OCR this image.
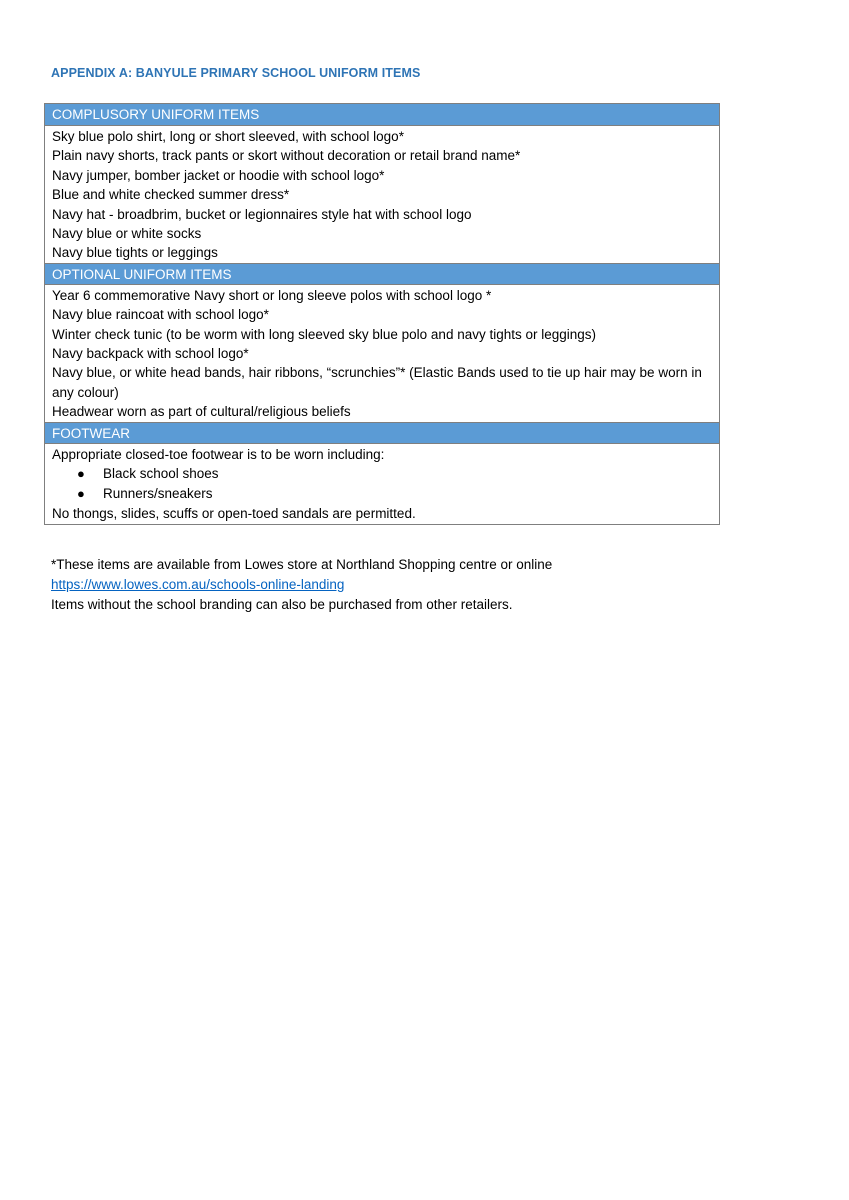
APPENDIX A: BANYULE PRIMARY SCHOOL UNIFORM ITEMS
COMPLUSORY UNIFORM ITEMS

Sky blue polo shirt, long or short sleeved, with school logo*

Plain navy shorts, track pants or skort without decoration or retail brand name*

Navy jumper, bomber jacket or hoodie with school logo*

Blue and white checked summer dress*

Navy hat - broadbrim, bucket or legionnaires style hat with school logo

Navy blue or white socks

Navy blue tights or leggings

OPTIONAL UNIFORM ITEMS

Year 6 commemorative Navy short or long sleeve polos with school logo *

Navy blue raincoat with school logo*

Winter check tunic (to be worm with long sleeved sky blue polo and navy tights or leggings)

Navy backpack with school logo*

Navy blue, or white head bands, hair ribbons, “scrunchies”* (Elastic Bands used to tie up hair may be worn in any colour)

Headwear worn as part of cultural/religious beliefs

FOOTWEAR

Appropriate closed-toe footwear is to be worn including:

● Black school shoes
● Runners/sneakers

No thongs, slides, scuffs or open-toed sandals are permitted.

*These items are available from Lowes store at Northland Shopping centre or online
https://www.lowes.com.au/schools-online-landing
Items without the school branding can also be purchased from other retailers.
